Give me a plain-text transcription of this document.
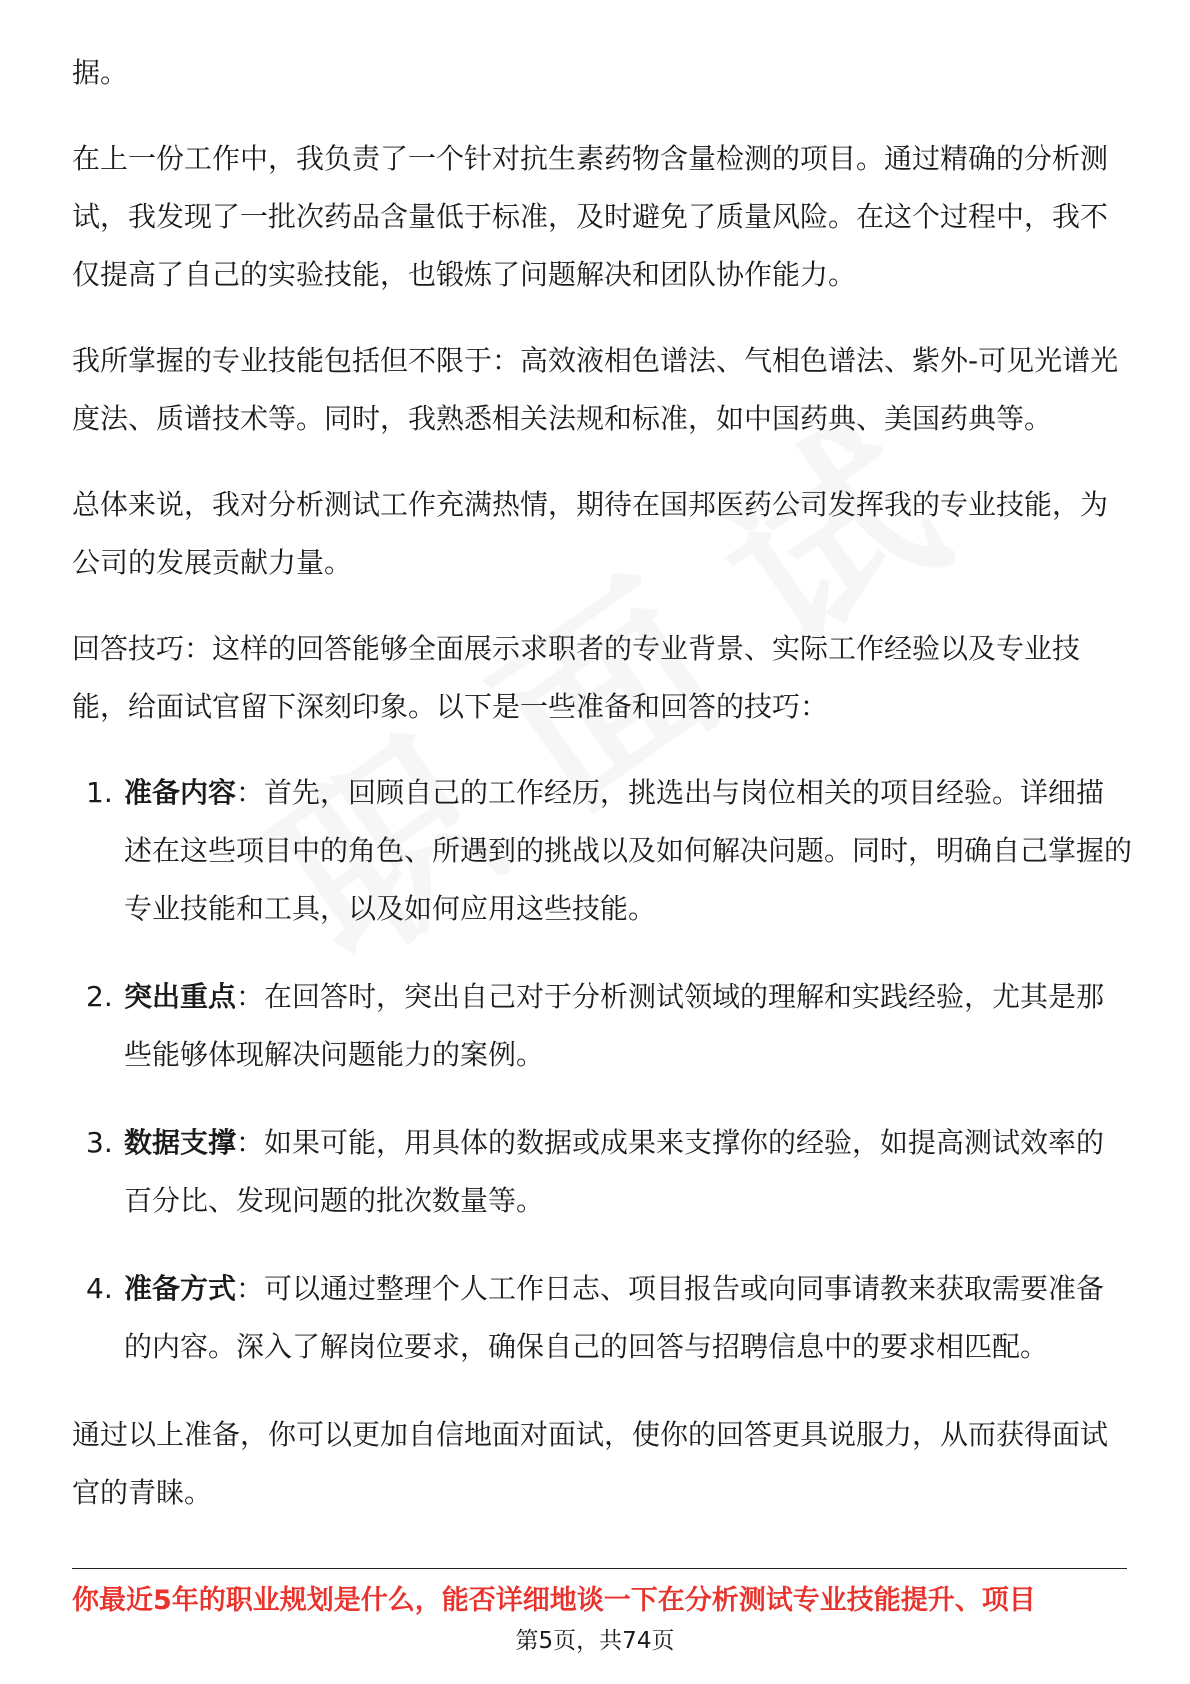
据。

在上一份工作中，我负责了一个针对抗生素药物含量检测的项目。通过精确的分析测试，我发现了一批次药品含量低于标准，及时避免了质量风险。在这个过程中，我不仅提高了自己的实验技能，也锻炼了问题解决和团队协作能力。

我所掌握的专业技能包括但不限于：高效液相色谱法、气相色谱法、紫外-可见光谱光度法、质谱技术等。同时，我熟悉相关法规和标准，如中国药典、美国药典等。

总体来说，我对分析测试工作充满热情，期待在国邦医药公司发挥我的专业技能，为公司的发展贡献力量。

回答技巧：这样的回答能够全面展示求职者的专业背景、实际工作经验以及专业技能，给面试官留下深刻印象。以下是一些准备和回答的技巧：

1. 准备内容：首先，回顾自己的工作经历，挑选出与岗位相关的项目经验。详细描述在这些项目中的角色、所遇到的挑战以及如何解决问题。同时，明确自己掌握的专业技能和工具，以及如何应用这些技能。
2. 突出重点：在回答时，突出自己对于分析测试领域的理解和实践经验，尤其是那些能够体现解决问题能力的案例。
3. 数据支撑：如果可能，用具体的数据或成果来支撑你的经验，如提高测试效率的百分比、发现问题的批次数量等。
4. 准备方式：可以通过整理个人工作日志、项目报告或向同事请教来获取需要准备的内容。深入了解岗位要求，确保自己的回答与招聘信息中的要求相匹配。

通过以上准备，你可以更加自信地面对面试，使你的回答更具说服力，从而获得面试官的青睐。

你最近5年的职业规划是什么，能否详细地谈一下在分析测试专业技能提升、项目
第5页，共74页
